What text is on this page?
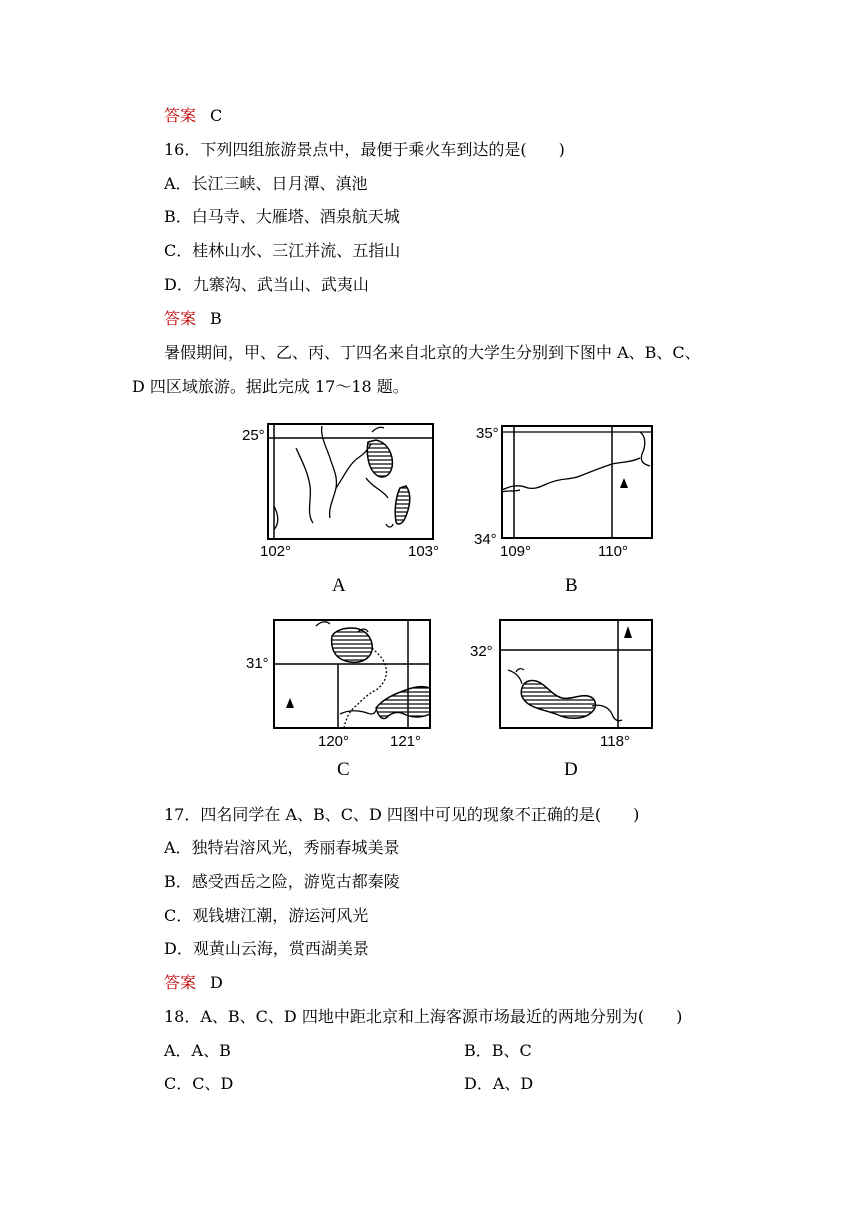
答案 C
16．下列四组旅游景点中，最便于乘火车到达的是(　　)
A．长江三峡、日月潭、滇池
B．白马寺、大雁塔、酒泉航天城
C．桂林山水、三江并流、五指山
D．九寨沟、武当山、武夷山
答案 B
暑假期间，甲、乙、丙、丁四名来自北京的大学生分别到下图中 A、B、C、
D 四区域旅游。据此完成 17～18 题。
25°
102°	103°
A
35°
34°
109°	110°
B
31°
120°	121°
C
32°
118°
D
17．四名同学在 A、B、C、D 四图中可见的现象不正确的是(　　)
A．独特岩溶风光，秀丽春城美景
B．感受西岳之险，游览古都秦陵
C．观钱塘江潮，游运河风光
D．观黄山云海，赏西湖美景
答案 D
18．A、B、C、D 四地中距北京和上海客源市场最近的两地分别为(　　)
A．A、B	B．B、C
C．C、D	D．A、D
